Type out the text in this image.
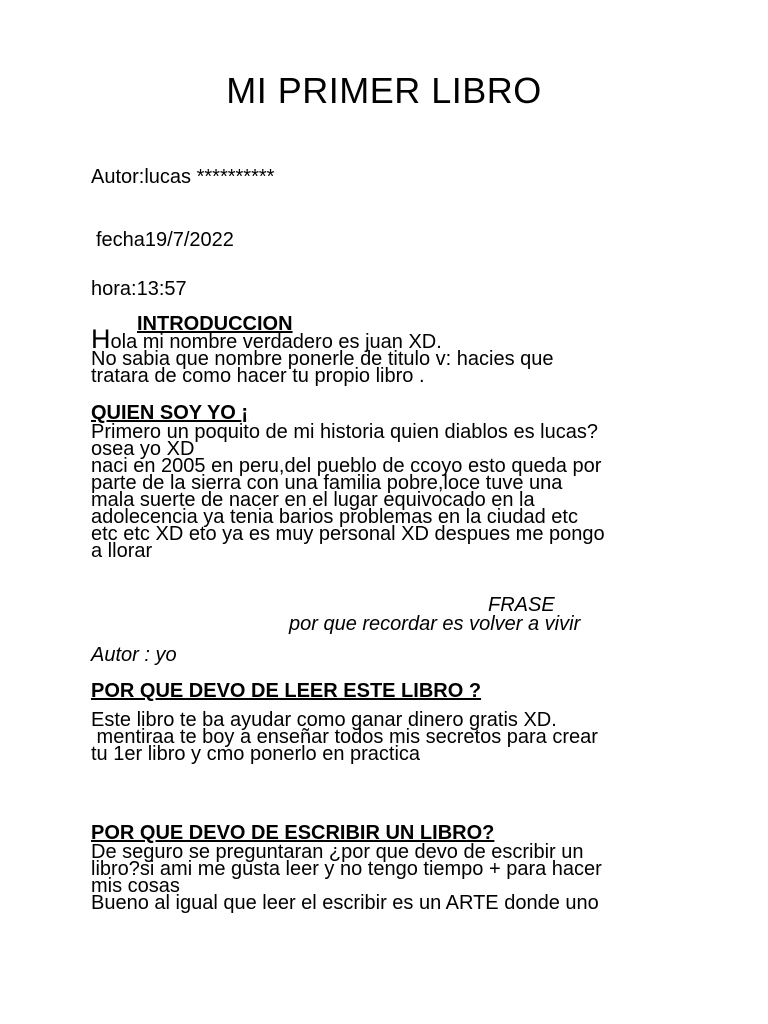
MI PRIMER LIBRO
Autor:lucas **********
fecha19/7/2022
hora:13:57
INTRODUCCION

Hola mi nombre verdadero es juan XD.

No sabia que nombre ponerle de titulo v: hacies que

tratara de como hacer tu propio libro .

QUIEN SOY YO ¡

Primero un poquito de mi historia quien diablos es lucas?

osea yo XD

naci en 2005 en peru,del pueblo de ccoyo esto queda por

parte de la sierra con una familia pobre,loce tuve una

mala suerte de nacer en el lugar equivocado en la

adolecencia ya tenia barios problemas en la ciudad etc

etc etc XD eto ya es muy personal XD despues me pongo

a llorar

FRASE
por que recordar es volver a vivir
Autor : yo
POR QUE DEVO DE LEER ESTE LIBRO ?

Este libro te ba ayudar como ganar dinero gratis XD.

mentiraa te boy a enseñar todos mis secretos para crear

tu 1er libro y cmo ponerlo en practica

POR QUE DEVO DE ESCRIBIR UN LIBRO?

De seguro se preguntaran ¿por que devo de escribir un

libro?si ami me gusta leer y no tengo tiempo + para hacer

mis cosas

Bueno al igual que leer el escribir es un ARTE donde uno
